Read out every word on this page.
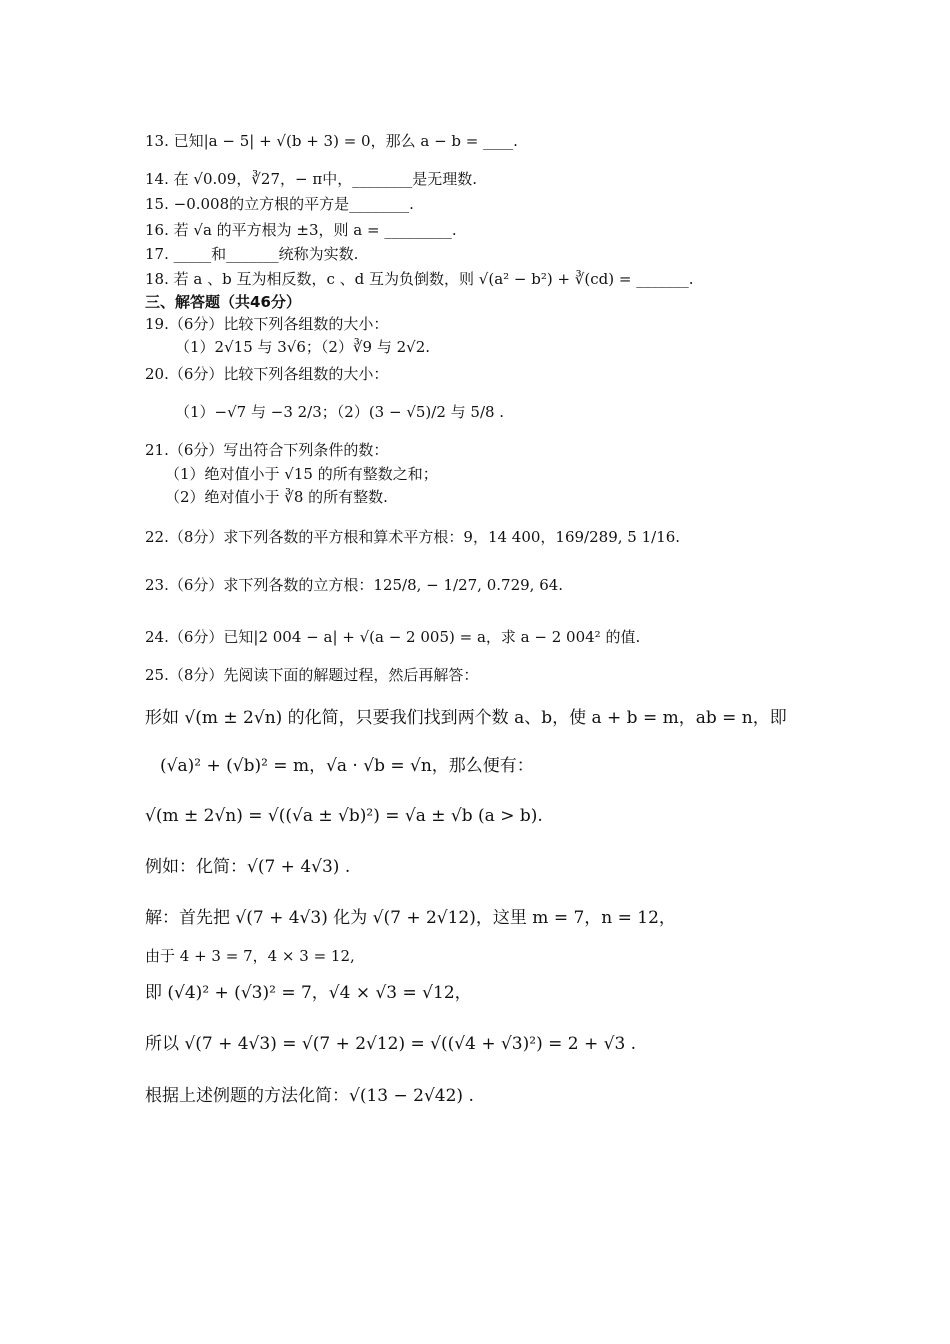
13. 已知|a − 5| + √(b + 3) = 0，那么 a − b = ____.
14. 在 √0.09，∛27，− π中，________是无理数.
15. −0.008的立方根的平方是________.
16. 若 √a 的平方根为 ±3，则 a = _________.
17. _____和_______统称为实数.
18. 若 a 、b 互为相反数，c 、d 互为负倒数，则 √(a² − b²) + ∛(cd) = _______.
三、解答题（共46分）
19.（6分）比较下列各组数的大小：
（1）2√15 与 3√6；（2）∛9 与 2√2.
20.（6分）比较下列各组数的大小：
（1）−√7 与 −3 2/3；（2）(3 − √5)/2 与 5/8 .
21.（6分）写出符合下列条件的数：
（1）绝对值小于 √15 的所有整数之和；
（2）绝对值小于 ∛8 的所有整数.
22.（8分）求下列各数的平方根和算术平方根：9，14 400，169/289, 5 1/16.
23.（6分）求下列各数的立方根：125/8, − 1/27, 0.729, 64.
24.（6分）已知|2 004 − a| + √(a − 2 005) = a，求 a − 2 004² 的值.
25.（8分）先阅读下面的解题过程，然后再解答：
形如 √(m ± 2√n) 的化简，只要我们找到两个数 a、b，使 a + b = m，ab = n，即
(√a)² + (√b)² = m，√a · √b = √n，那么便有：
√(m ± 2√n) = √((√a ± √b)²) = √a ± √b (a > b).
例如：化简：√(7 + 4√3) .
解：首先把 √(7 + 4√3) 化为 √(7 + 2√12)，这里 m = 7，n = 12，
由于 4 + 3 = 7，4 × 3 = 12,
即 (√4)² + (√3)² = 7，√4 × √3 = √12，
所以 √(7 + 4√3) = √(7 + 2√12) = √((√4 + √3)²) = 2 + √3 .
根据上述例题的方法化简：√(13 − 2√42) .
